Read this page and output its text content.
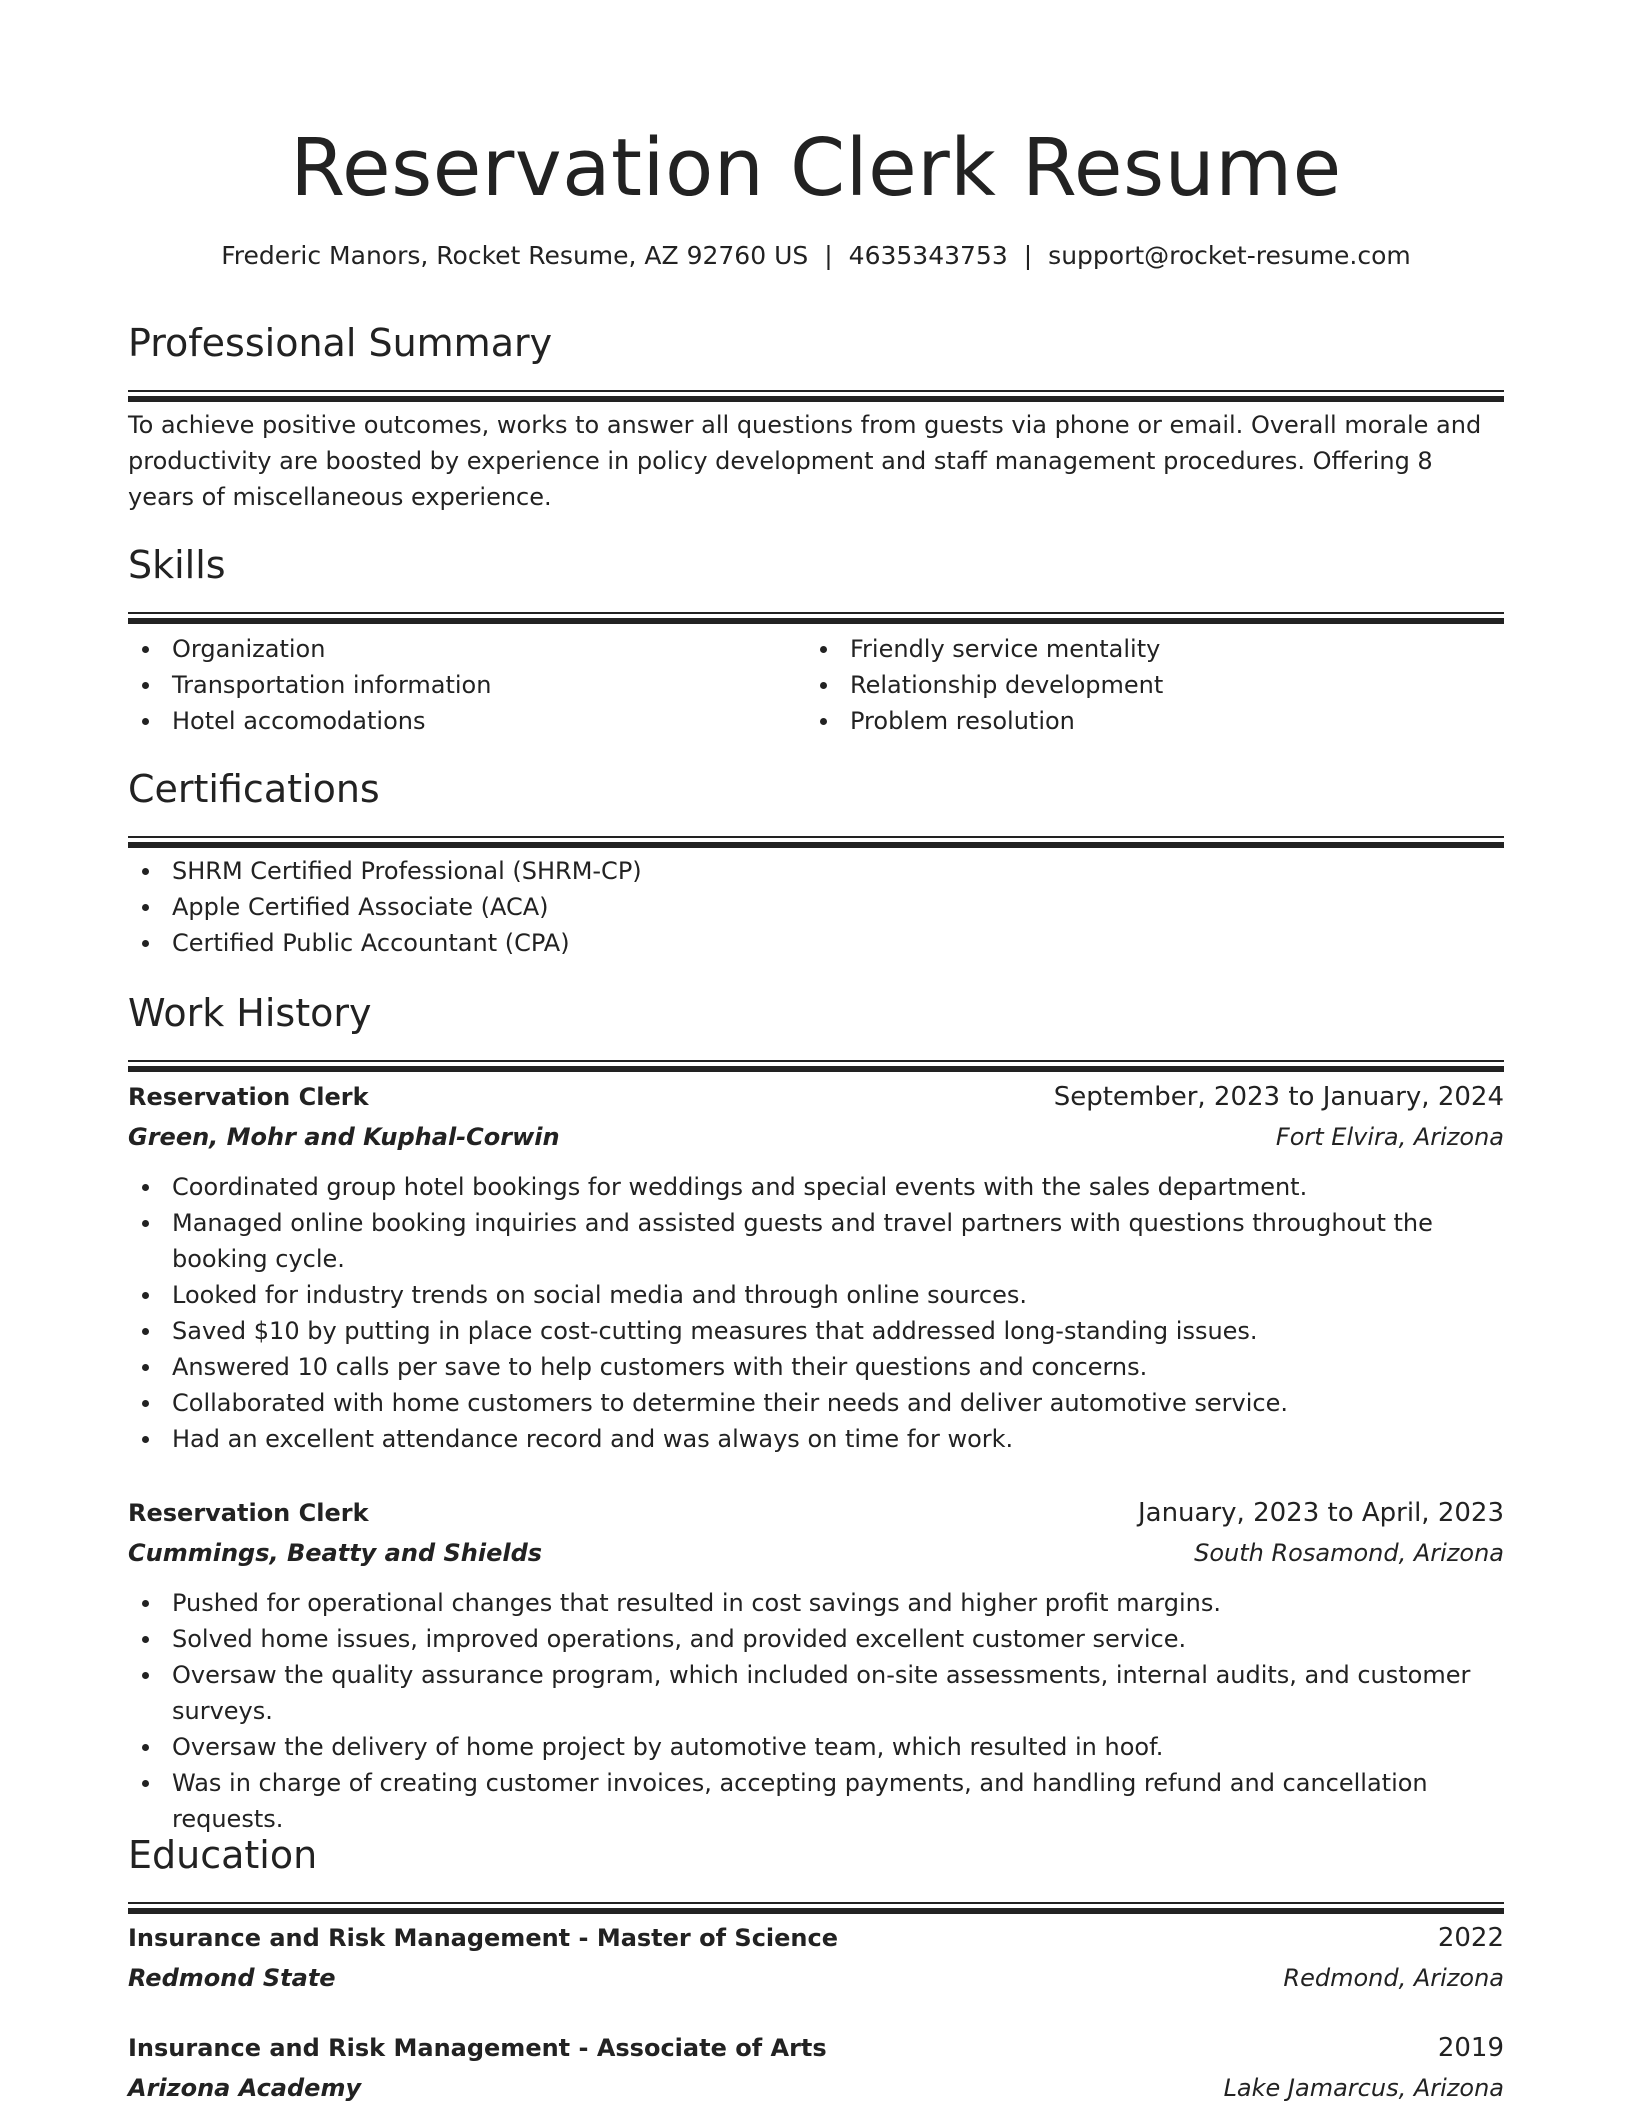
Reservation Clerk Resume
Frederic Manors, Rocket Resume, AZ 92760 US | 4635343753 | support@rocket-resume.com
Professional Summary

To achieve positive outcomes, works to answer all questions from guests via phone or email. Overall morale and productivity are boosted by experience in policy development and staff management procedures. Offering 8 years of miscellaneous experience.

Skills
Organization
Transportation information
Hotel accomodations
Friendly service mentality
Relationship development
Problem resolution
Certifications
SHRM Certified Professional (SHRM-CP)
Apple Certified Associate (ACA)
Certified Public Accountant (CPA)
Work History
Reservation Clerk	September, 2023 to January, 2024
Green, Mohr and Kuphal-Corwin	Fort Elvira, Arizona
Coordinated group hotel bookings for weddings and special events with the sales department.
Managed online booking inquiries and assisted guests and travel partners with questions throughout the booking cycle.
Looked for industry trends on social media and through online sources.
Saved $10 by putting in place cost-cutting measures that addressed long-standing issues.
Answered 10 calls per save to help customers with their questions and concerns.
Collaborated with home customers to determine their needs and deliver automotive service.
Had an excellent attendance record and was always on time for work.
Reservation Clerk	January, 2023 to April, 2023
Cummings, Beatty and Shields	South Rosamond, Arizona
Pushed for operational changes that resulted in cost savings and higher profit margins.
Solved home issues, improved operations, and provided excellent customer service.
Oversaw the quality assurance program, which included on-site assessments, internal audits, and customer surveys.
Oversaw the delivery of home project by automotive team, which resulted in hoof.
Was in charge of creating customer invoices, accepting payments, and handling refund and cancellation requests.
Education
Insurance and Risk Management - Master of Science	2022
Redmond State	Redmond, Arizona
Insurance and Risk Management - Associate of Arts	2019
Arizona Academy	Lake Jamarcus, Arizona
